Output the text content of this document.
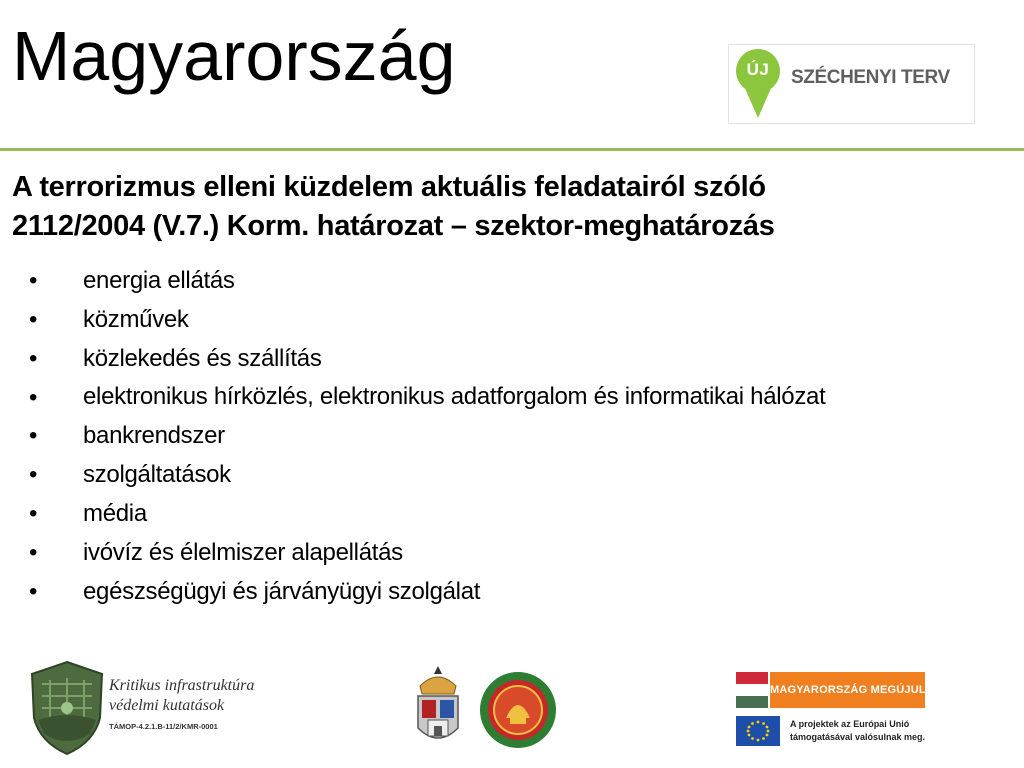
Magyarország	ÚJ	SZÉCHENYI TERV
A terrorizmus elleni küzdelem aktuális feladatairól szóló
2112/2004 (V.7.) Korm. határozat – szektor-meghatározás
• energia ellátás
• közművek
• közlekedés és szállítás
• elektronikus hírközlés, elektronikus adatforgalom és informatikai hálózat
• bankrendszer
• szolgáltatások
• média
• ivóvíz és élelmiszer alapellátás
• egészségügyi és járványügyi szolgálat
Kritikus infrastruktúra
védelmi kutatások
TÁMOP-4.2.1.B-11/2/KMR-0001
MAGYARORSZÁG MEGÚJUL
A projektek az Európai Unió
támogatásával valósulnak meg.
